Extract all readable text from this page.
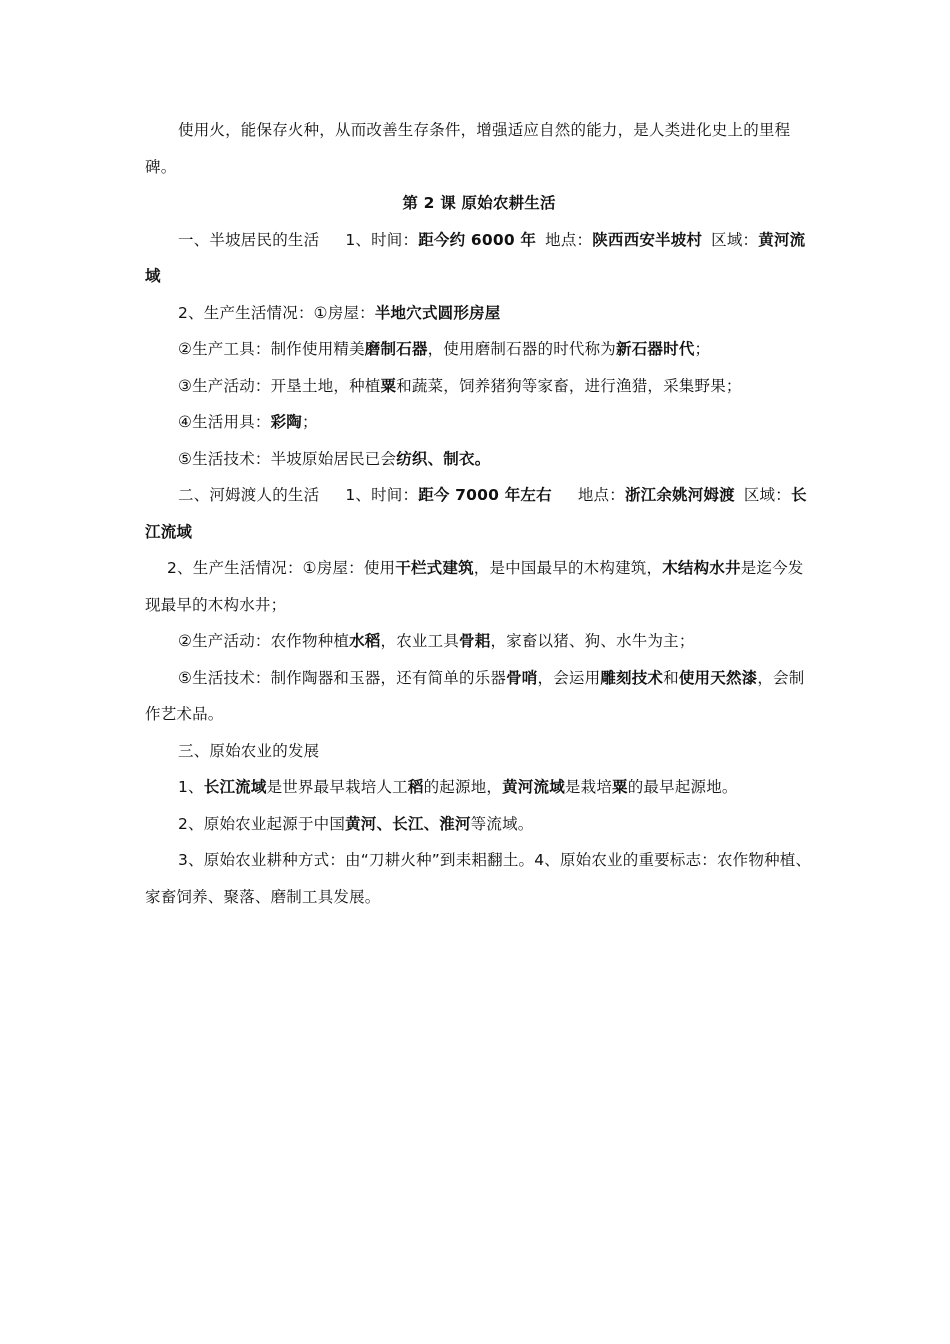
使用火，能保存火种，从而改善生存条件，增强适应自然的能力，是人类进化史上的里程碑。

第 2 课 原始农耕生活

一、半坡居民的生活 1、时间：距今约 6000 年 地点：陕西西安半坡村 区域：黄河流域

2、生产生活情况：①房屋：半地穴式圆形房屋

②生产工具：制作使用精美磨制石器，使用磨制石器的时代称为新石器时代；

③生产活动：开垦土地，种植粟和蔬菜，饲养猪狗等家畜，进行渔猎，采集野果；

④生活用具：彩陶；

⑤生活技术：半坡原始居民已会纺织、制衣。

二、河姆渡人的生活 1、时间：距今 7000 年左右 地点：浙江余姚河姆渡 区域：长江流域

2、生产生活情况：①房屋：使用干栏式建筑，是中国最早的木构建筑，木结构水井是迄今发现最早的木构水井；

②生产活动：农作物种植水稻，农业工具骨耜，家畜以猪、狗、水牛为主；

⑤生活技术：制作陶器和玉器，还有简单的乐器骨哨，会运用雕刻技术和使用天然漆，会制作艺术品。

三、原始农业的发展

1、长江流域是世界最早栽培人工稻的起源地，黄河流域是栽培粟的最早起源地。

2、原始农业起源于中国黄河、长江、淮河等流域。

3、原始农业耕种方式：由“刀耕火种”到耒耜翻土。4、原始农业的重要标志：农作物种植、家畜饲养、聚落、磨制工具发展。
